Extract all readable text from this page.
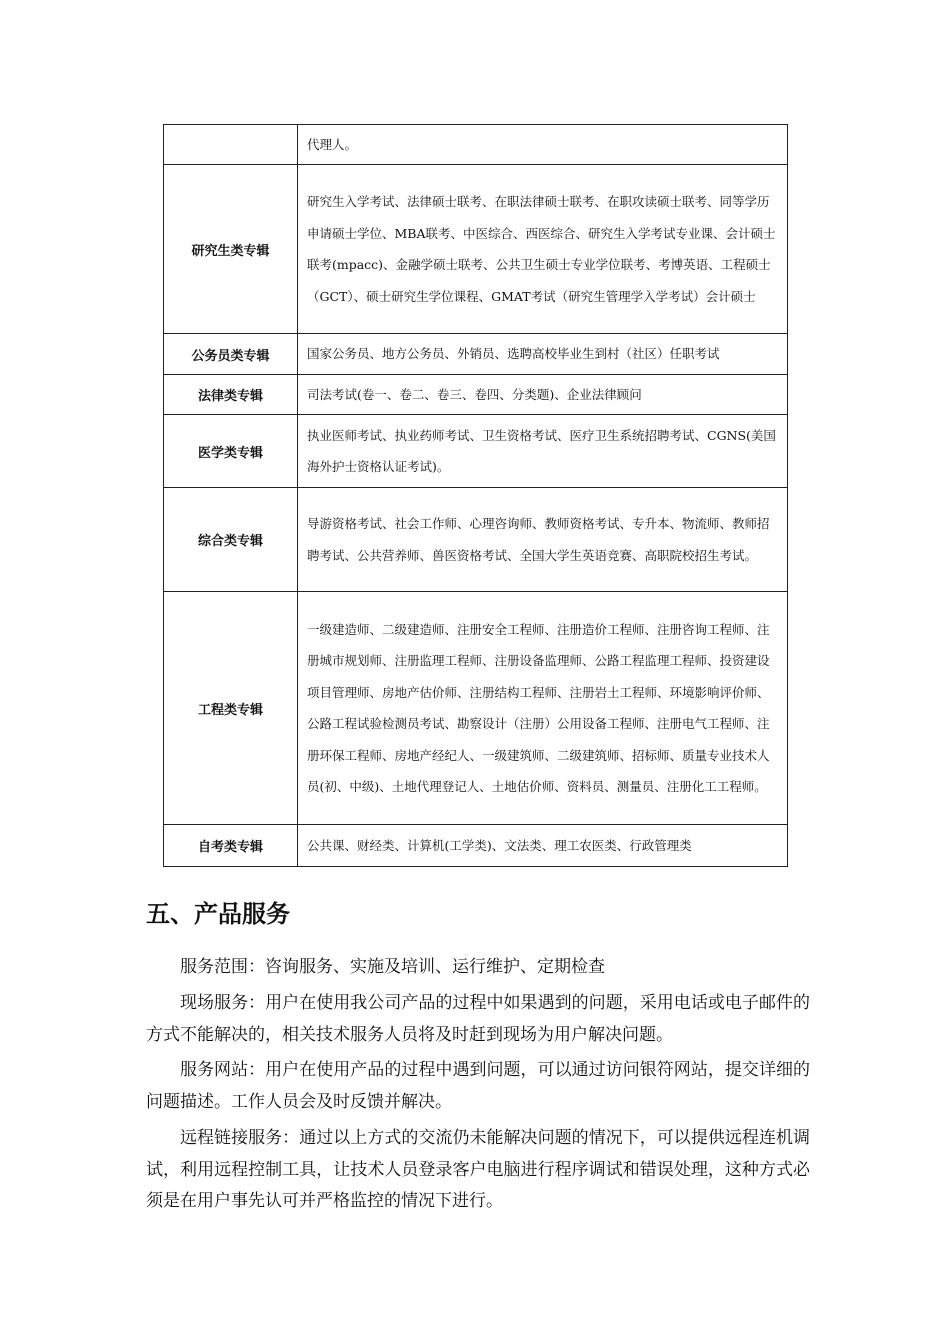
	代理人。
研究生类专辑	研究生入学考试、法律硕士联考、在职法律硕士联考、在职攻读硕士联考、同等学历申请硕士学位、MBA联考、中医综合、西医综合、研究生入学考试专业课、会计硕士联考(mpacc)、金融学硕士联考、公共卫生硕士专业学位联考、考博英语、工程硕士（GCT）、硕士研究生学位课程、GMAT考试（研究生管理学入学考试）会计硕士
公务员类专辑	国家公务员、地方公务员、外销员、选聘高校毕业生到村（社区）任职考试
法律类专辑	司法考试(卷一、卷二、卷三、卷四、分类题)、企业法律顾问
医学类专辑	执业医师考试、执业药师考试、卫生资格考试、医疗卫生系统招聘考试、CGNS(美国海外护士资格认证考试)。
综合类专辑	导游资格考试、社会工作师、心理咨询师、教师资格考试、专升本、物流师、教师招聘考试、公共营养师、兽医资格考试、全国大学生英语竞赛、高职院校招生考试。
工程类专辑	一级建造师、二级建造师、注册安全工程师、注册造价工程师、注册咨询工程师、注册城市规划师、注册监理工程师、注册设备监理师、公路工程监理工程师、投资建设项目管理师、房地产估价师、注册结构工程师、注册岩土工程师、环境影响评价师、公路工程试验检测员考试、勘察设计（注册）公用设备工程师、注册电气工程师、注册环保工程师、房地产经纪人、一级建筑师、二级建筑师、招标师、质量专业技术人员(初、中级)、土地代理登记人、土地估价师、资料员、测量员、注册化工工程师。
自考类专辑	公共课、财经类、计算机(工学类)、文法类、理工农医类、行政管理类
五、产品服务

服务范围：咨询服务、实施及培训、运行维护、定期检查

现场服务：用户在使用我公司产品的过程中如果遇到的问题，采用电话或电子邮件的方式不能解决的，相关技术服务人员将及时赶到现场为用户解决问题。

服务网站：用户在使用产品的过程中遇到问题，可以通过访问银符网站，提交详细的问题描述。工作人员会及时反馈并解决。

远程链接服务：通过以上方式的交流仍未能解决问题的情况下，可以提供远程连机调试，利用远程控制工具，让技术人员登录客户电脑进行程序调试和错误处理，这种方式必须是在用户事先认可并严格监控的情况下进行。
